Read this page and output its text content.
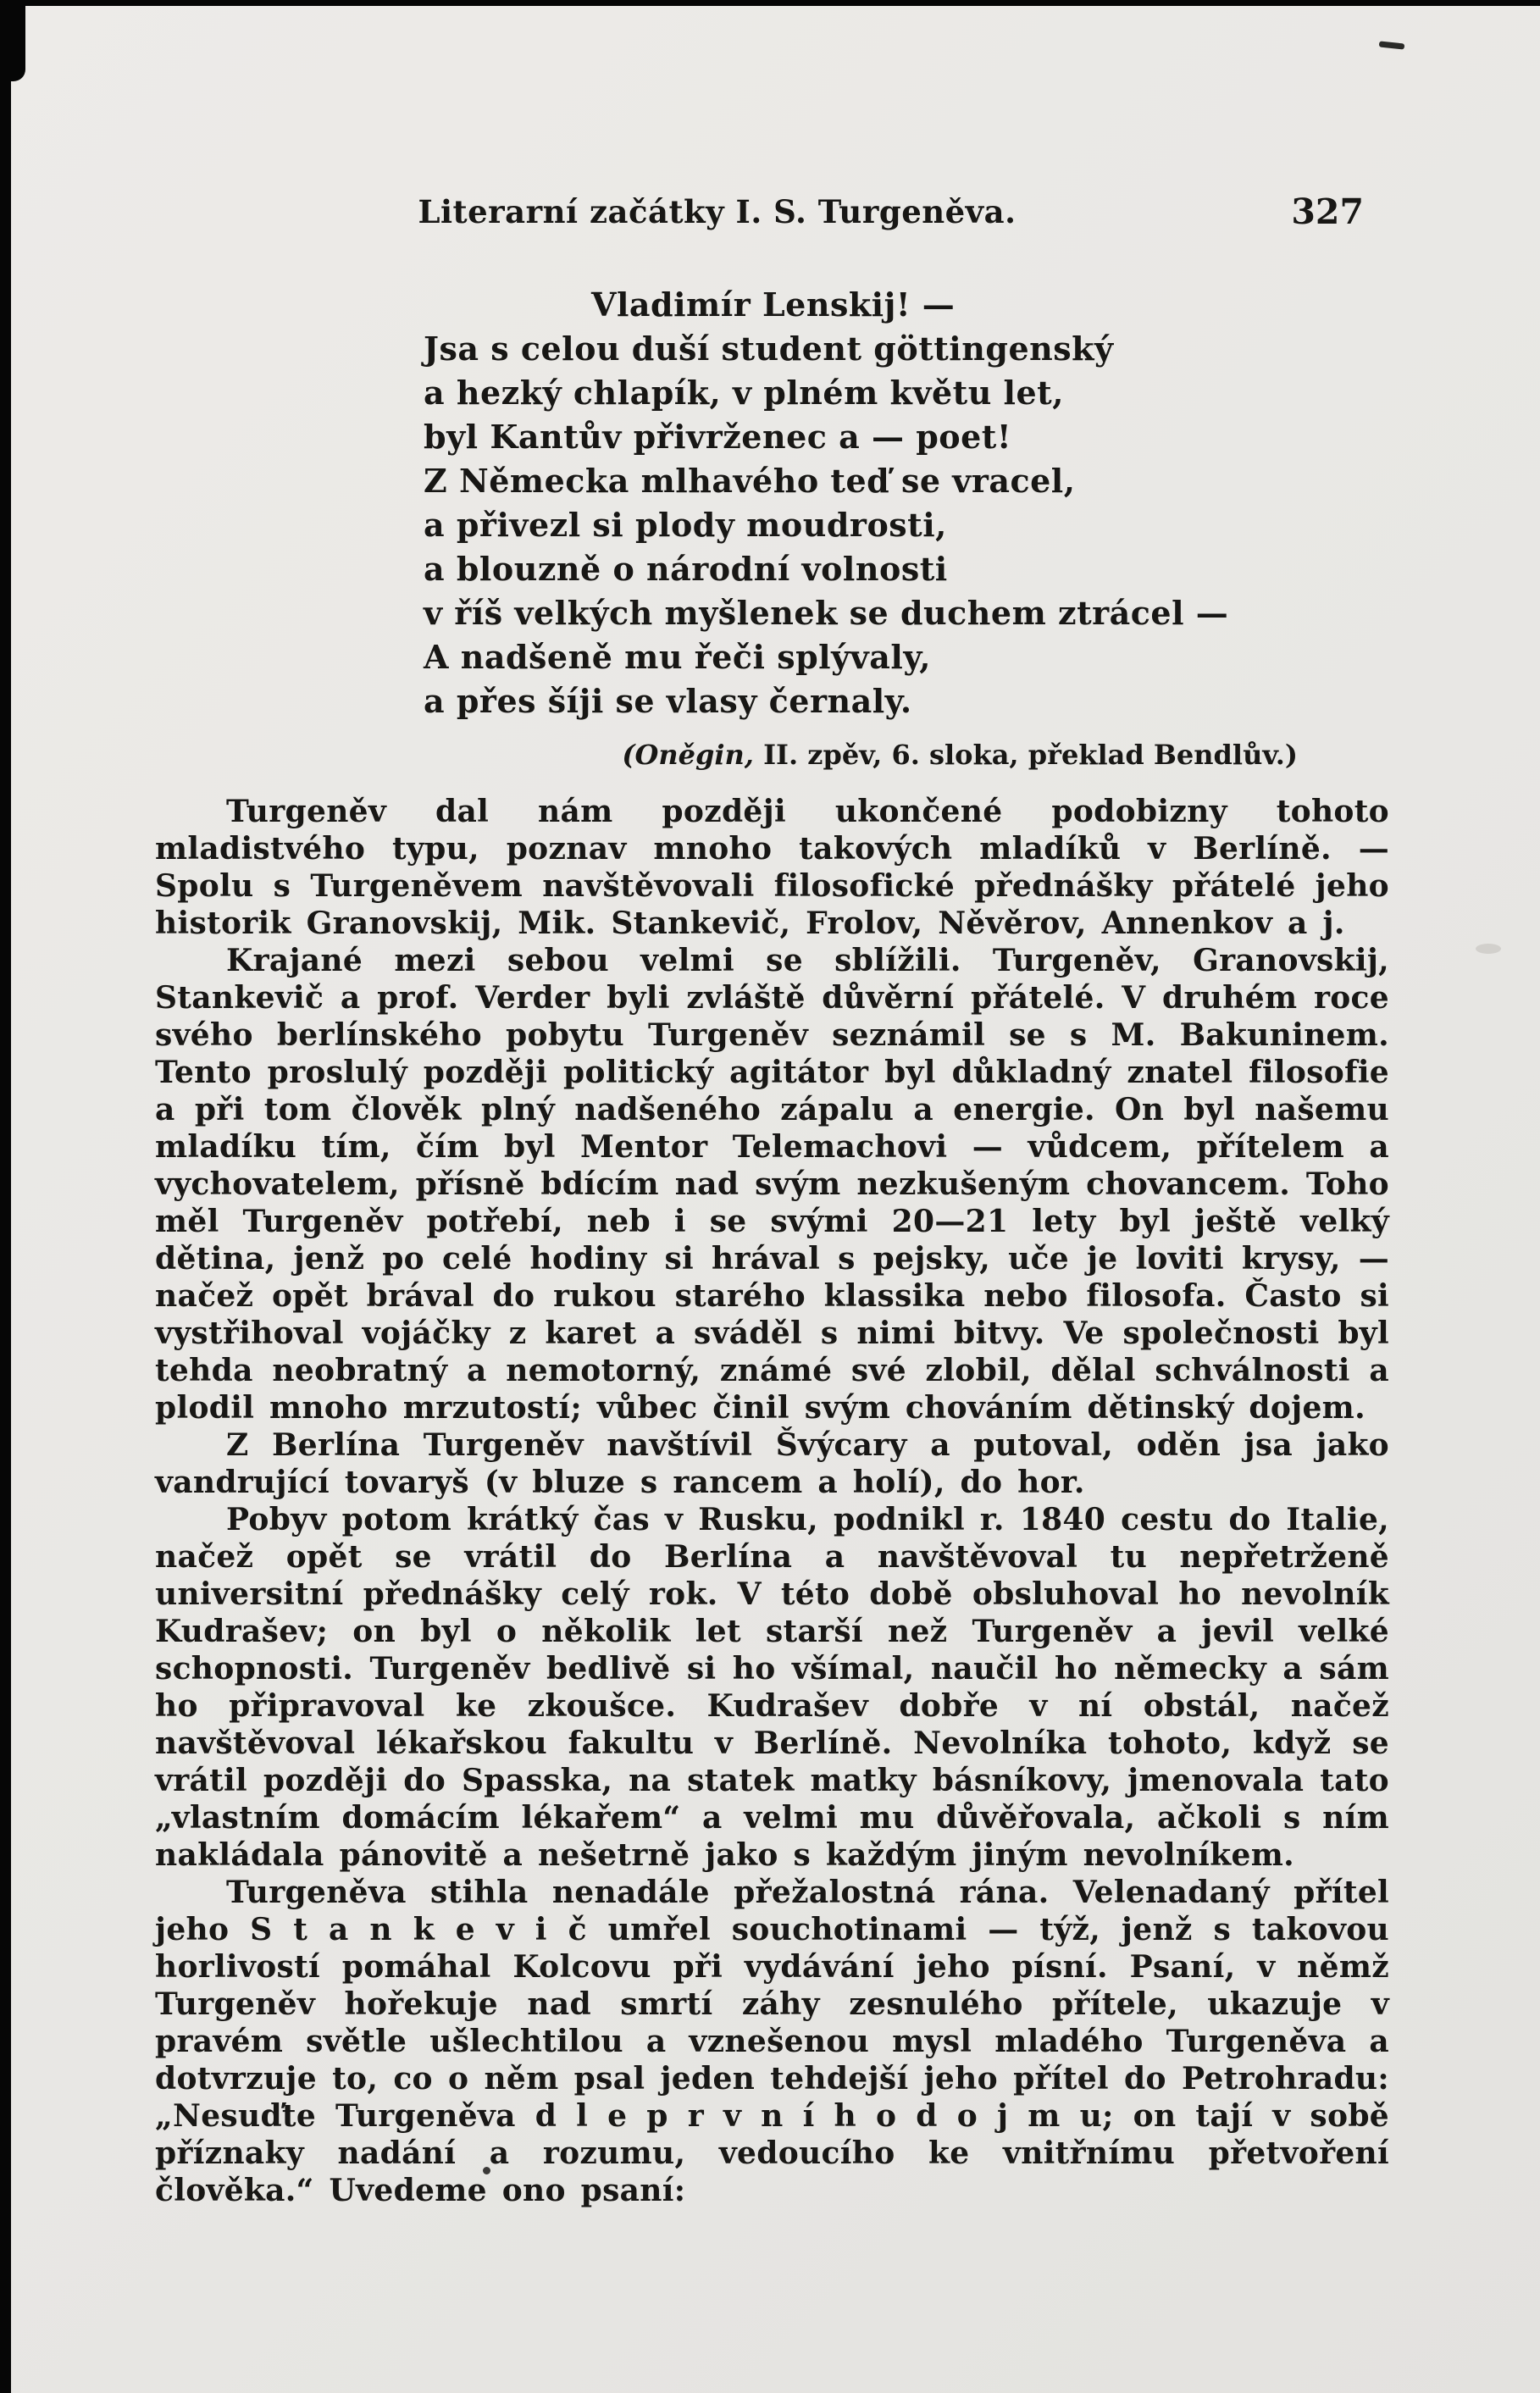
Literarní začátky I. S. Turgeněva.	327
Vladimír Lenskij! —
Jsa s celou duší student göttingenský
a hezký chlapík, v plném květu let,
byl Kantův přivrženec a — poet!
Z Německa mlhavého teď se vracel,
a přivezl si plody moudrosti,
a blouzně o národní volnosti
v říš velkých myšlenek se duchem ztrácel —
A nadšeně mu řeči splývaly,
a přes šíji se vlasy černaly.
(Oněgin, II. zpěv, 6. sloka, překlad Bendlův.)

Turgeněv dal nám později ukončené podobizny tohoto mladistvého typu, poznav mnoho takových mladíků v Berlíně. — Spolu s Turgeněvem navštěvovali filosofické přednášky přátelé jeho historik Granovskij, Mik. Stankevič, Frolov, Něvěrov, Annenkov a j.

Krajané mezi sebou velmi se sblížili. Turgeněv, Granovskij, Stankevič a prof. Verder byli zvláště důvěrní přátelé. V druhém roce svého berlínského pobytu Turgeněv seznámil se s M. Bakuninem. Tento proslulý později politický agitátor byl důkladný znatel filosofie a při tom člověk plný nadšeného zápalu a energie. On byl našemu mladíku tím, čím byl Mentor Telemachovi — vůdcem, přítelem a vychovatelem, přísně bdícím nad svým nezkušeným chovancem. Toho měl Turgeněv potřebí, neb i se svými 20—21 lety byl ještě velký dětina, jenž po celé hodiny si hrával s pejsky, uče je loviti krysy, — načež opět brával do rukou starého klassika nebo filosofa. Často si vystřihoval vojáčky z karet a sváděl s nimi bitvy. Ve společnosti byl tehda neobratný a nemotorný, známé své zlobil, dělal schválnosti a plodil mnoho mrzutostí; vůbec činil svým chováním dětinský dojem.

Z Berlína Turgeněv navštívil Švýcary a putoval, oděn jsa jako vandrující tovaryš (v bluze s rancem a holí), do hor.

Pobyv potom krátký čas v Rusku, podnikl r. 1840 cestu do Italie, načež opět se vrátil do Berlína a navštěvoval tu nepřetrženě universitní přednášky celý rok. V této době obsluhoval ho nevolník Kudrašev; on byl o několik let starší než Turgeněv a jevil velké schopnosti. Turgeněv bedlivě si ho všímal, naučil ho německy a sám ho připravoval ke zkoušce. Kudrašev dobře v ní obstál, načež navštěvoval lékařskou fakultu v Berlíně. Nevolníka tohoto, když se vrátil později do Spasska, na statek matky básníkovy, jmenovala tato „vlastním domácím lékařem“ a velmi mu důvěřovala, ačkoli s ním nakládala pánovitě a nešetrně jako s každým jiným nevolníkem.

Turgeněva stihla nenadále přežalostná rána. Velenadaný přítel jeho S t a n k e v i č umřel souchotinami — týž, jenž s takovou horlivostí pomáhal Kolcovu při vydávání jeho písní. Psaní, v němž Turgeněv hořekuje nad smrtí záhy zesnulého přítele, ukazuje v pravém světle ušlechtilou a vznešenou mysl mladého Turgeněva a dotvrzuje to, co o něm psal jeden tehdejší jeho přítel do Petrohradu: „Nesuďte Turgeněva d l e p r v n í h o d o j m u; on tají v sobě příznaky nadání a rozumu, vedoucího ke vnitřnímu přetvoření člověka.“ Uvedeme ono psaní:
